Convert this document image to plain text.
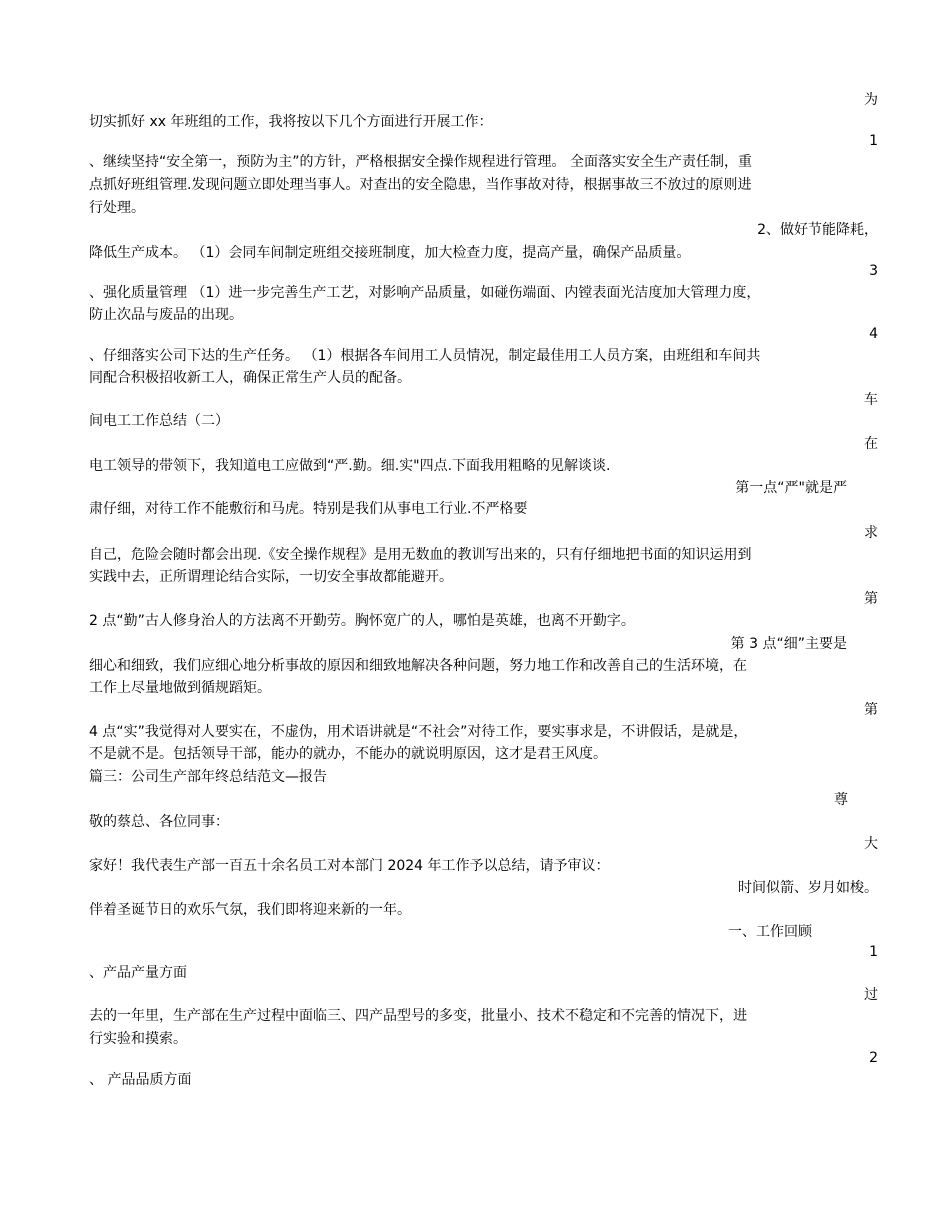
为
切实抓好 xx 年班组的工作，我将按以下几个方面进行开展工作：
1
、继续坚持“安全第一，预防为主”的方针，严格根据安全操作规程进行管理。 全面落实安全生产责任制，重
点抓好班组管理.发现问题立即处理当事人。对查出的安全隐患，当作事故对待，根据事故三不放过的原则进
行处理。
2、做好节能降耗，
降低生产成本。 （1）会同车间制定班组交接班制度，加大检查力度，提高产量，确保产品质量。
3
、强化质量管理 （1）进一步完善生产工艺，对影响产品质量，如碰伤端面、内镗表面光洁度加大管理力度，
防止次品与废品的出现。
4
、仔细落实公司下达的生产任务。 （1）根据各车间用工人员情况，制定最佳用工人员方案，由班组和车间共
同配合积极招收新工人，确保正常生产人员的配备。
车
间电工工作总结（二）
在
电工领导的带领下，我知道电工应做到“严.勤。细.实"四点.下面我用粗略的见解谈谈.
第一点“严"就是严
肃仔细，对待工作不能敷衍和马虎。特别是我们从事电工行业.不严格要
求
自己，危险会随时都会出现.《安全操作规程》是用无数血的教训写出来的，只有仔细地把书面的知识运用到
实践中去，正所谓理论结合实际，一切安全事故都能避开。
第
2 点“勤”古人修身治人的方法离不开勤劳。胸怀宽广的人，哪怕是英雄，也离不开勤字。
第 3 点“细”主要是
细心和细致，我们应细心地分析事故的原因和细致地解决各种问题，努力地工作和改善自己的生活环境，在
工作上尽量地做到循规蹈矩。
第
4 点“实”我觉得对人要实在，不虚伪，用术语讲就是“不社会”对待工作，要实事求是，不讲假话，是就是，
不是就不是。包括领导干部，能办的就办，不能办的就说明原因，这才是君王风度。
篇三：公司生产部年终总结范文—报告
尊
敬的蔡总、各位同事：
大
家好！我代表生产部一百五十余名员工对本部门 2024 年工作予以总结，请予审议：
时间似箭、岁月如梭。
伴着圣诞节日的欢乐气氛，我们即将迎来新的一年。
一、工作回顾
1
、产品产量方面
过
去的一年里，生产部在生产过程中面临三、四产品型号的多变，批量小、技术不稳定和不完善的情况下，进
行实验和摸索。
2
、 产品品质方面
